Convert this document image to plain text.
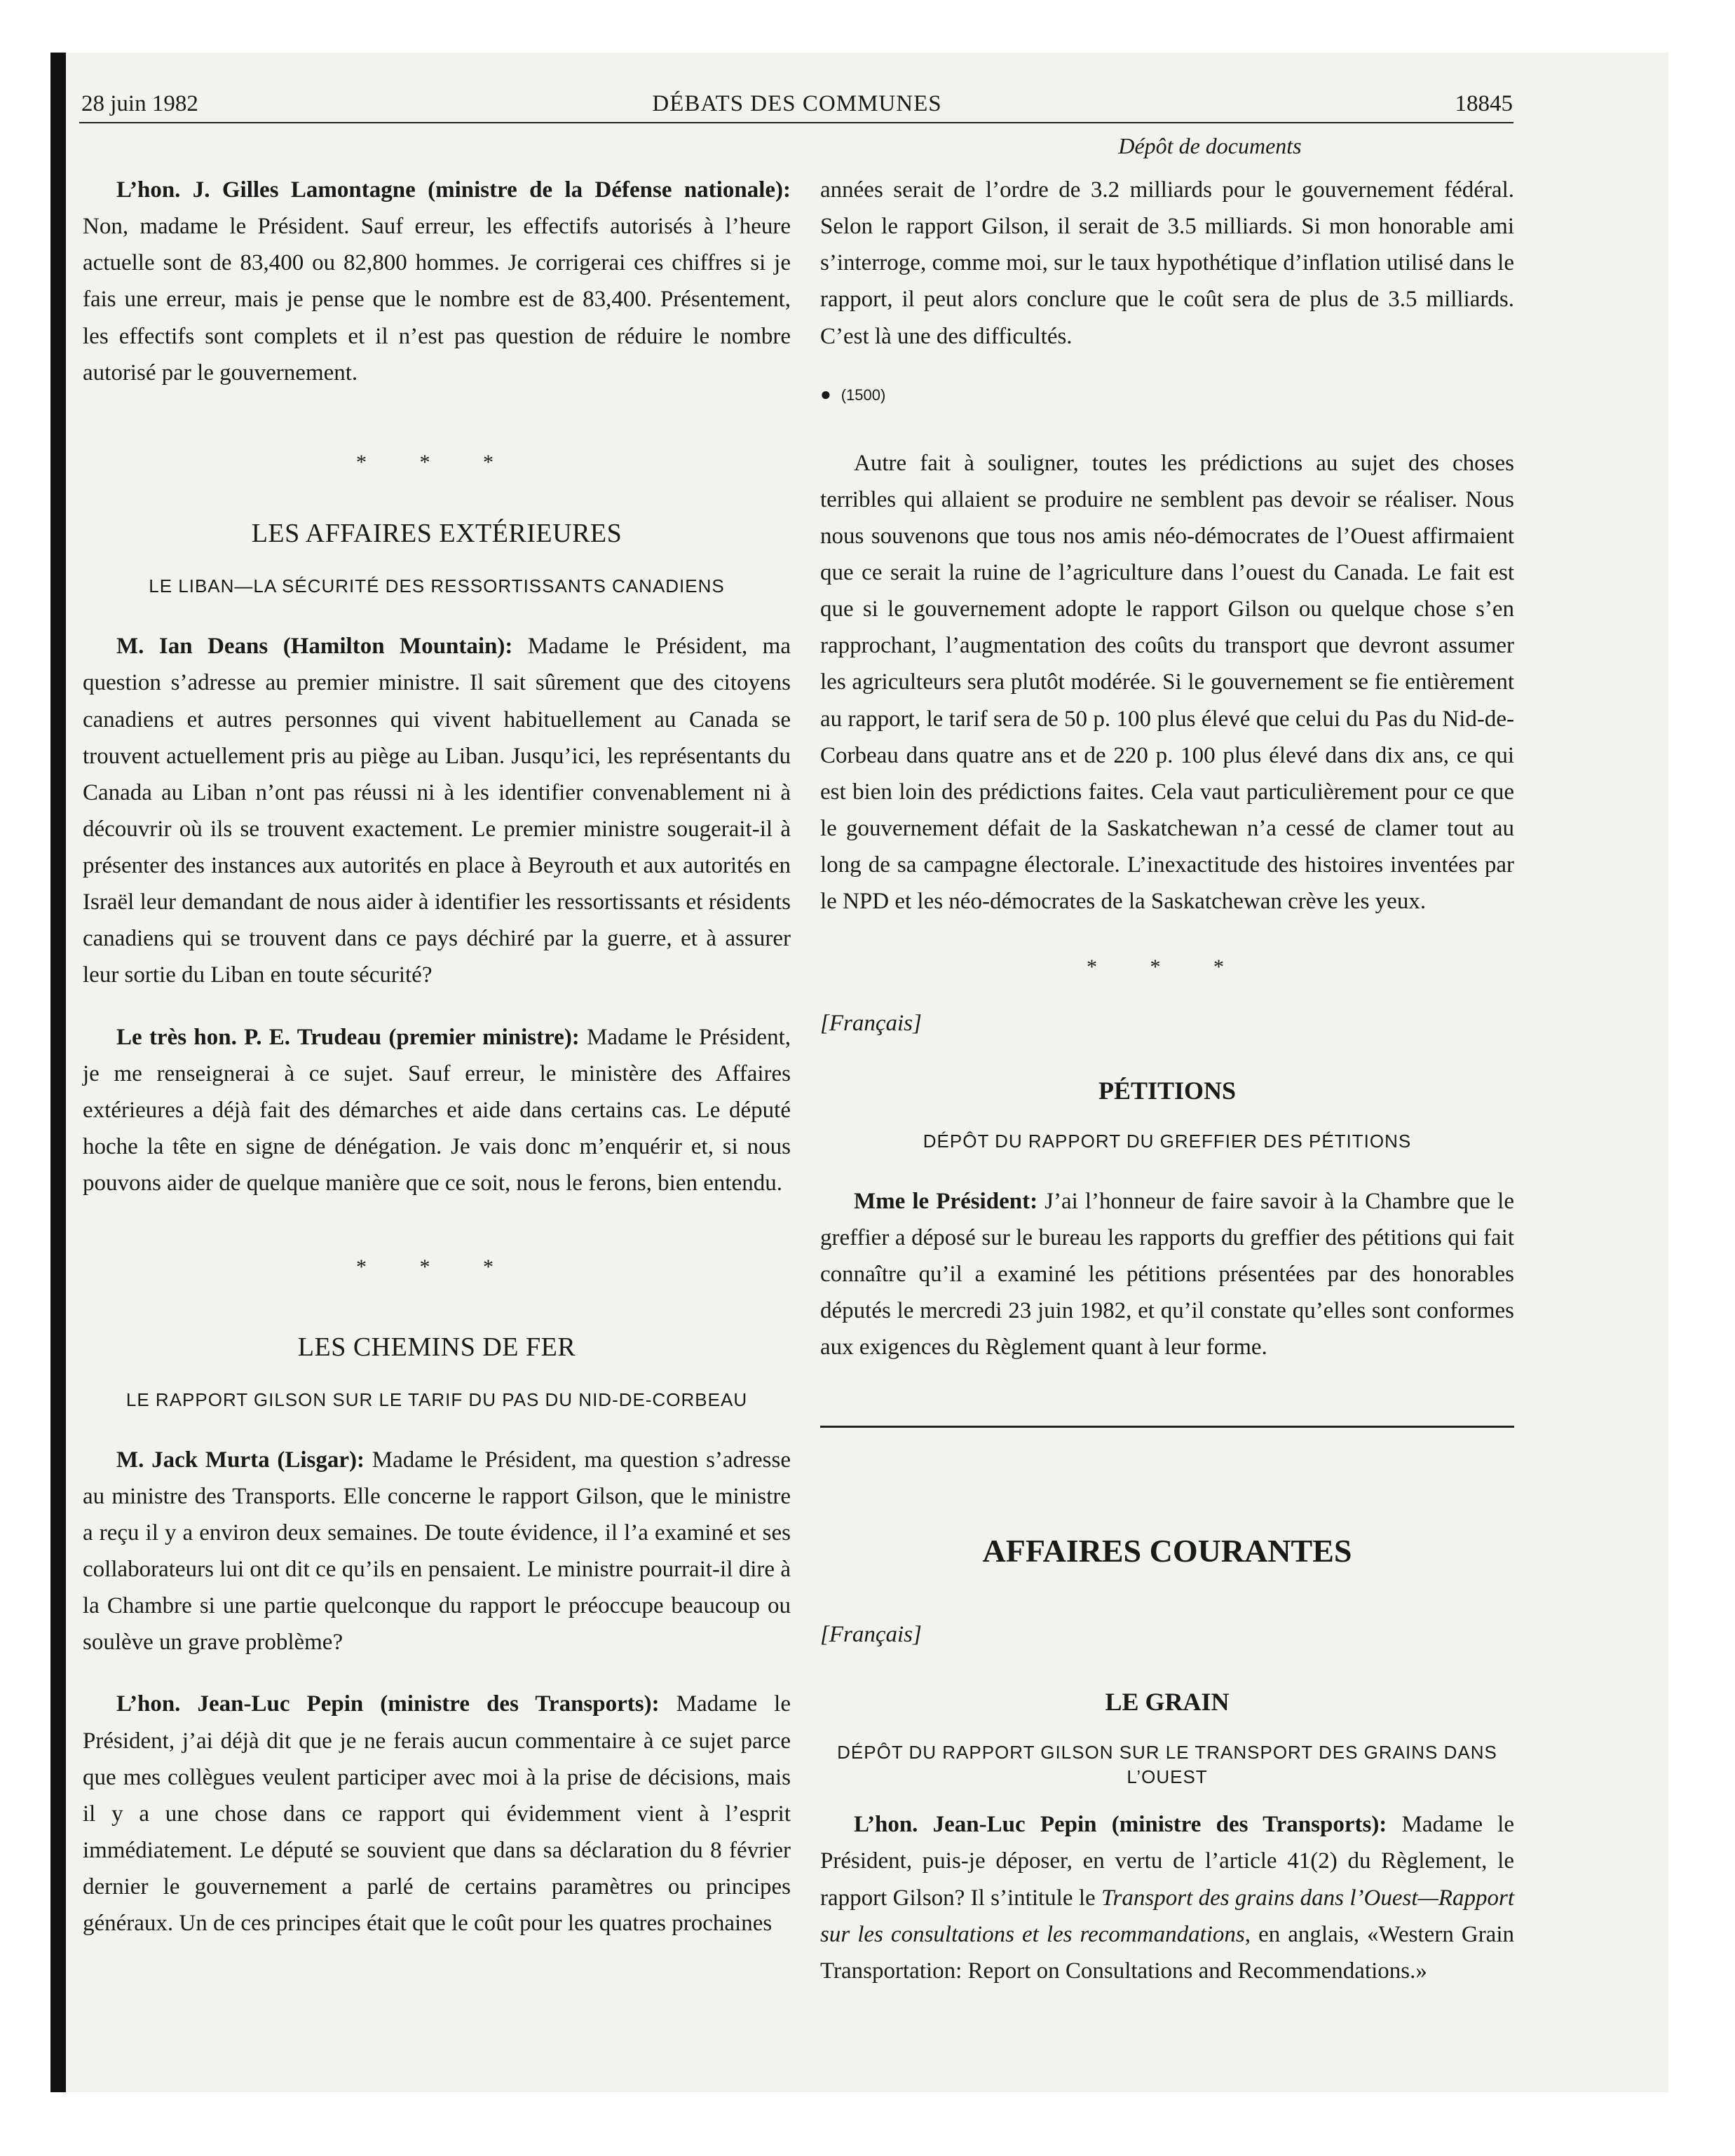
28 juin 1982	DÉBATS DES COMMUNES	18845
Dépôt de documents

L’hon. J. Gilles Lamontagne (ministre de la Défense nationale): Non, madame le Président. Sauf erreur, les effectifs autorisés à l’heure actuelle sont de 83,400 ou 82,800 hommes. Je corrigerai ces chiffres si je fais une erreur, mais je pense que le nombre est de 83,400. Présentement, les effectifs sont complets et il n’est pas question de réduire le nombre autorisé par le gouvernement.

* * *
LES AFFAIRES EXTÉRIEURES
LE LIBAN—LA SÉCURITÉ DES RESSORTISSANTS CANADIENS

M. Ian Deans (Hamilton Mountain): Madame le Président, ma question s’adresse au premier ministre. Il sait sûrement que des citoyens canadiens et autres personnes qui vivent habituellement au Canada se trouvent actuellement pris au piège au Liban. Jusqu’ici, les représentants du Canada au Liban n’ont pas réussi ni à les identifier convenablement ni à découvrir où ils se trouvent exactement. Le premier ministre sougerait-il à présenter des instances aux autorités en place à Beyrouth et aux autorités en Israël leur demandant de nous aider à identifier les ressortissants et résidents canadiens qui se trouvent dans ce pays déchiré par la guerre, et à assurer leur sortie du Liban en toute sécurité?

Le très hon. P. E. Trudeau (premier ministre): Madame le Président, je me renseignerai à ce sujet. Sauf erreur, le ministère des Affaires extérieures a déjà fait des démarches et aide dans certains cas. Le député hoche la tête en signe de dénégation. Je vais donc m’enquérir et, si nous pouvons aider de quelque manière que ce soit, nous le ferons, bien entendu.

* * *
LES CHEMINS DE FER
LE RAPPORT GILSON SUR LE TARIF DU PAS DU NID-DE-CORBEAU

M. Jack Murta (Lisgar): Madame le Président, ma question s’adresse au ministre des Transports. Elle concerne le rapport Gilson, que le ministre a reçu il y a environ deux semaines. De toute évidence, il l’a examiné et ses collaborateurs lui ont dit ce qu’ils en pensaient. Le ministre pourrait-il dire à la Chambre si une partie quelconque du rapport le préoccupe beaucoup ou soulève un grave problème?

L’hon. Jean-Luc Pepin (ministre des Transports): Madame le Président, j’ai déjà dit que je ne ferais aucun commentaire à ce sujet parce que mes collègues veulent participer avec moi à la prise de décisions, mais il y a une chose dans ce rapport qui évidemment vient à l’esprit immédiatement. Le député se souvient que dans sa déclaration du 8 février dernier le gouvernement a parlé de certains paramètres ou principes généraux. Un de ces principes était que le coût pour les quatres prochaines

années serait de l’ordre de 3.2 milliards pour le gouvernement fédéral. Selon le rapport Gilson, il serait de 3.5 milliards. Si mon honorable ami s’interroge, comme moi, sur le taux hypothétique d’inflation utilisé dans le rapport, il peut alors conclure que le coût sera de plus de 3.5 milliards. C’est là une des difficultés.

● (1500)

Autre fait à souligner, toutes les prédictions au sujet des choses terribles qui allaient se produire ne semblent pas devoir se réaliser. Nous nous souvenons que tous nos amis néo-démocrates de l’Ouest affirmaient que ce serait la ruine de l’agriculture dans l’ouest du Canada. Le fait est que si le gouvernement adopte le rapport Gilson ou quelque chose s’en rapprochant, l’augmentation des coûts du transport que devront assumer les agriculteurs sera plutôt modérée. Si le gouvernement se fie entièrement au rapport, le tarif sera de 50 p. 100 plus élevé que celui du Pas du Nid-de-Corbeau dans quatre ans et de 220 p. 100 plus élevé dans dix ans, ce qui est bien loin des prédictions faites. Cela vaut particulièrement pour ce que le gouvernement défait de la Saskatchewan n’a cessé de clamer tout au long de sa campagne électorale. L’inexactitude des histoires inventées par le NPD et les néo-démocrates de la Saskatchewan crève les yeux.

* * *
[Français]
PÉTITIONS
DÉPÔT DU RAPPORT DU GREFFIER DES PÉTITIONS

Mme le Président: J’ai l’honneur de faire savoir à la Chambre que le greffier a déposé sur le bureau les rapports du greffier des pétitions qui fait connaître qu’il a examiné les pétitions présentées par des honorables députés le mercredi 23 juin 1982, et qu’il constate qu’elles sont conformes aux exigences du Règlement quant à leur forme.

AFFAIRES COURANTES
[Français]
LE GRAIN
DÉPÔT DU RAPPORT GILSON SUR LE TRANSPORT DES GRAINS DANS L’OUEST

L’hon. Jean-Luc Pepin (ministre des Transports): Madame le Président, puis-je déposer, en vertu de l’article 41(2) du Règlement, le rapport Gilson? Il s’intitule le Transport des grains dans l’Ouest—Rapport sur les consultations et les recommandations, en anglais, «Western Grain Transportation: Report on Consultations and Recommendations.»
